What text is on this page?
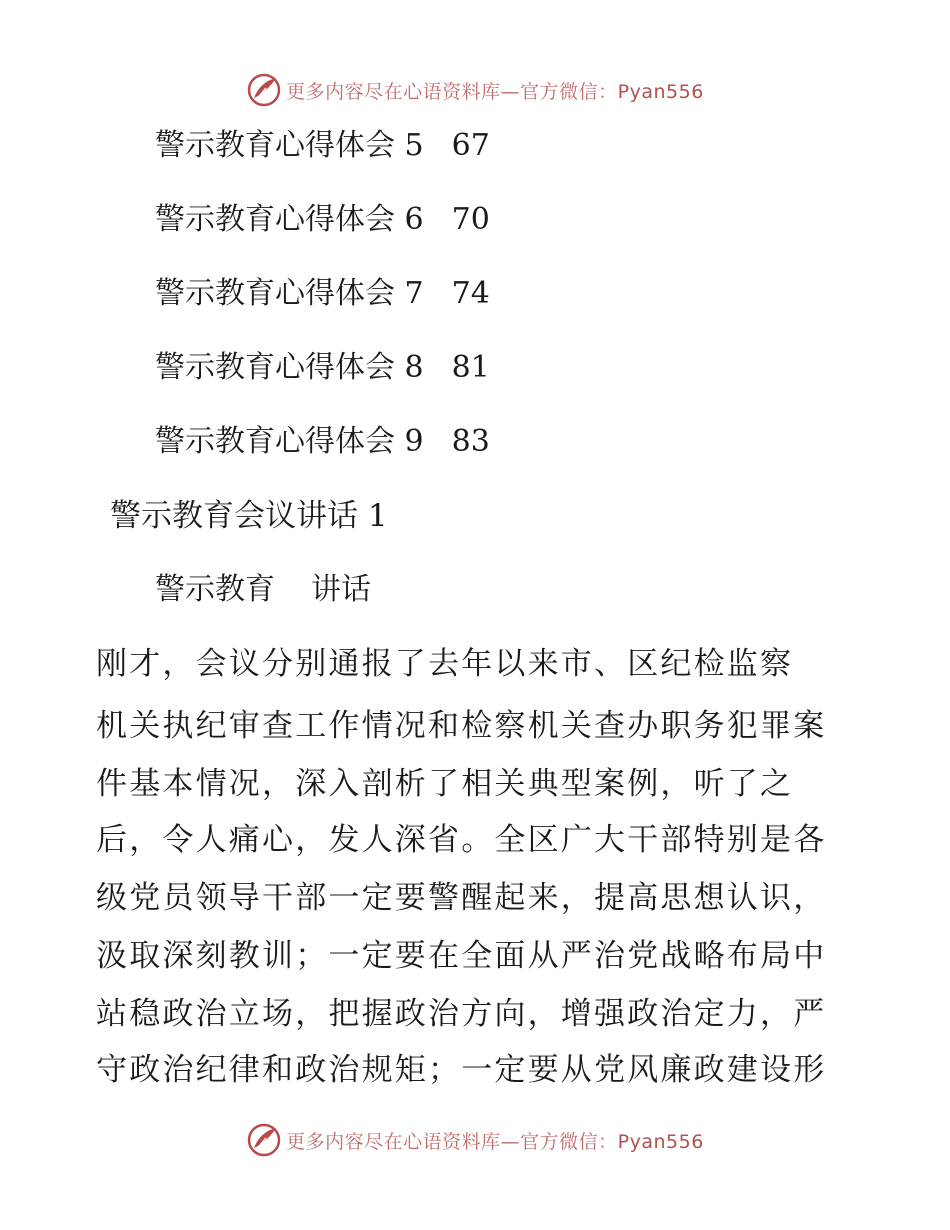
更多内容尽在心语资料库—官方微信：Pyan556
警示教育心得体会 5 67
警示教育心得体会 6 70
警示教育心得体会 7 74
警示教育心得体会 8 81
警示教育心得体会 9 83
警示教育会议讲话 1
警示教育 讲话
刚才，会议分别通报了去年以来市、区纪检监察
机关执纪审查工作情况和检察机关查办职务犯罪案
件基本情况，深入剖析了相关典型案例，听了之
后，令人痛心，发人深省。全区广大干部特别是各
级党员领导干部一定要警醒起来，提高思想认识，
汲取深刻教训；一定要在全面从严治党战略布局中
站稳政治立场，把握政治方向，增强政治定力，严
守政治纪律和政治规矩；一定要从党风廉政建设形
更多内容尽在心语资料库—官方微信：Pyan556
